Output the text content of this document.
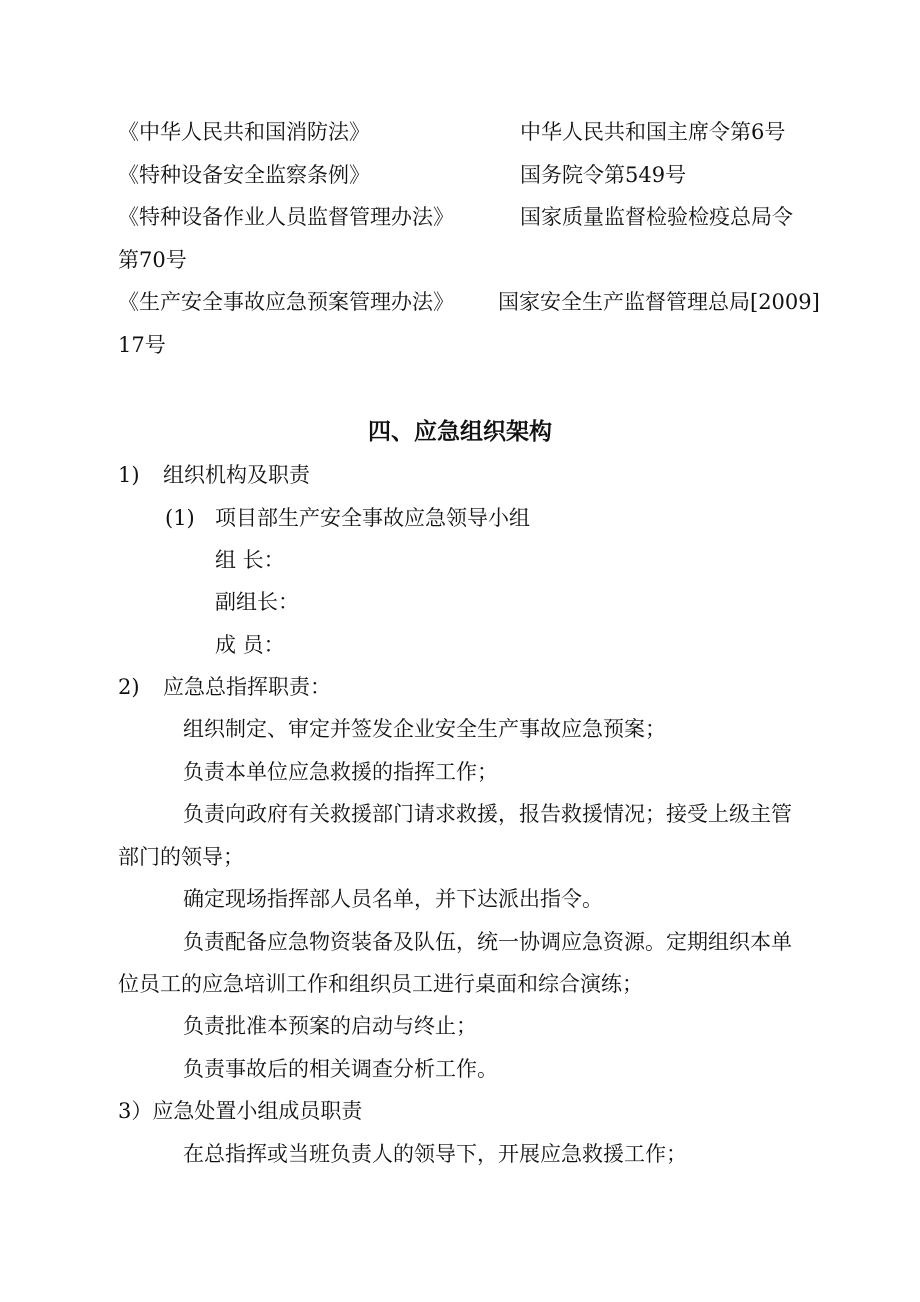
《中华人民共和国消防法》	中华人民共和国主席令第6号
《特种设备安全监察条例》	国务院令第549号
《特种设备作业人员监督管理办法》	国家质量监督检验检疫总局令
第70号
《生产安全事故应急预案管理办法》 国家安全生产监督管理总局[2009]
17号
四、应急组织架构
1) 组织机构及职责
(1) 项目部生产安全事故应急领导小组
组 长：
副组长：
成 员：
2) 应急总指挥职责：
组织制定、审定并签发企业安全生产事故应急预案；
负责本单位应急救援的指挥工作；
负责向政府有关救援部门请求救援，报告救援情况；接受上级主管
部门的领导；
确定现场指挥部人员名单，并下达派出指令。
负责配备应急物资装备及队伍，统一协调应急资源。定期组织本单
位员工的应急培训工作和组织员工进行桌面和综合演练；
负责批准本预案的启动与终止；
负责事故后的相关调查分析工作。
3）应急处置小组成员职责
在总指挥或当班负责人的领导下，开展应急救援工作；
